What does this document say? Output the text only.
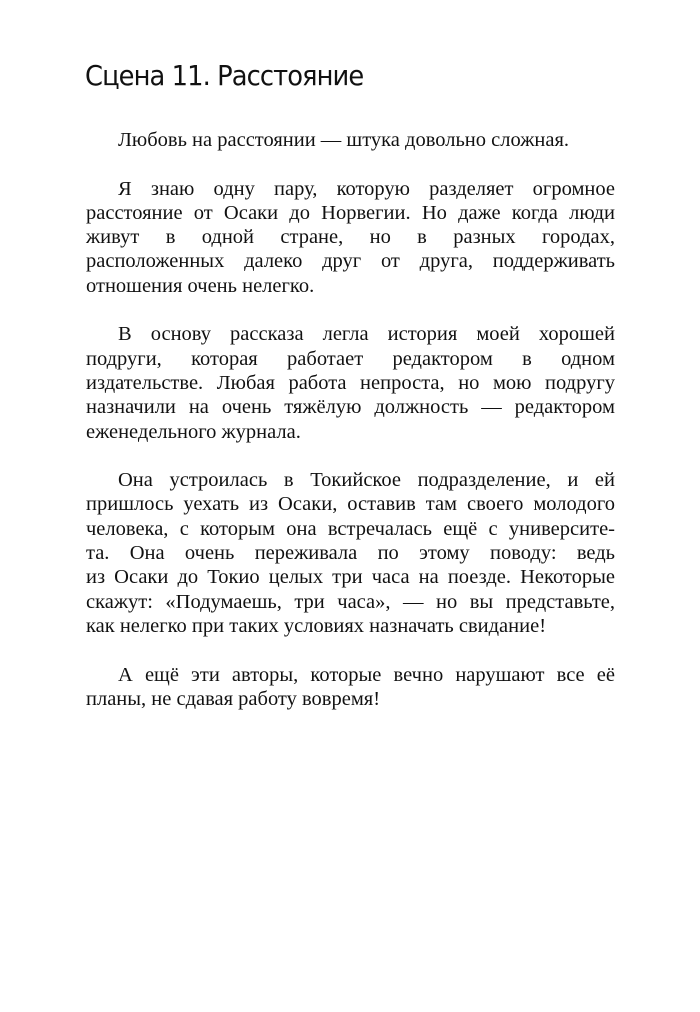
Сцена 11. Расстояние
Любовь на расстоянии — штука довольно сложная.
Я знаю одну пару, которую разделяет огромное
расстояние от Осаки до Норвегии. Но даже когда люди
живут в одной стране, но в разных городах,
расположенных далеко друг от друга, поддерживать
отношения очень нелегко.
В основу рассказа легла история моей хорошей
подруги, которая работает редактором в одном
издательстве. Любая работа непроста, но мою подругу
назначили на очень тяжёлую должность — редактором
еженедельного журнала.
Она устроилась в Токийское подразделение, и ей
пришлось уехать из Осаки, оставив там своего молодого
человека, с которым она встречалась ещё с университе-
та. Она очень переживала по этому поводу: ведь
из Осаки до Токио целых три часа на поезде. Некоторые
скажут: «Подумаешь, три часа», — но вы представьте,
как нелегко при таких условиях назначать свидание!
А ещё эти авторы, которые вечно нарушают все её
планы, не сдавая работу вовремя!
